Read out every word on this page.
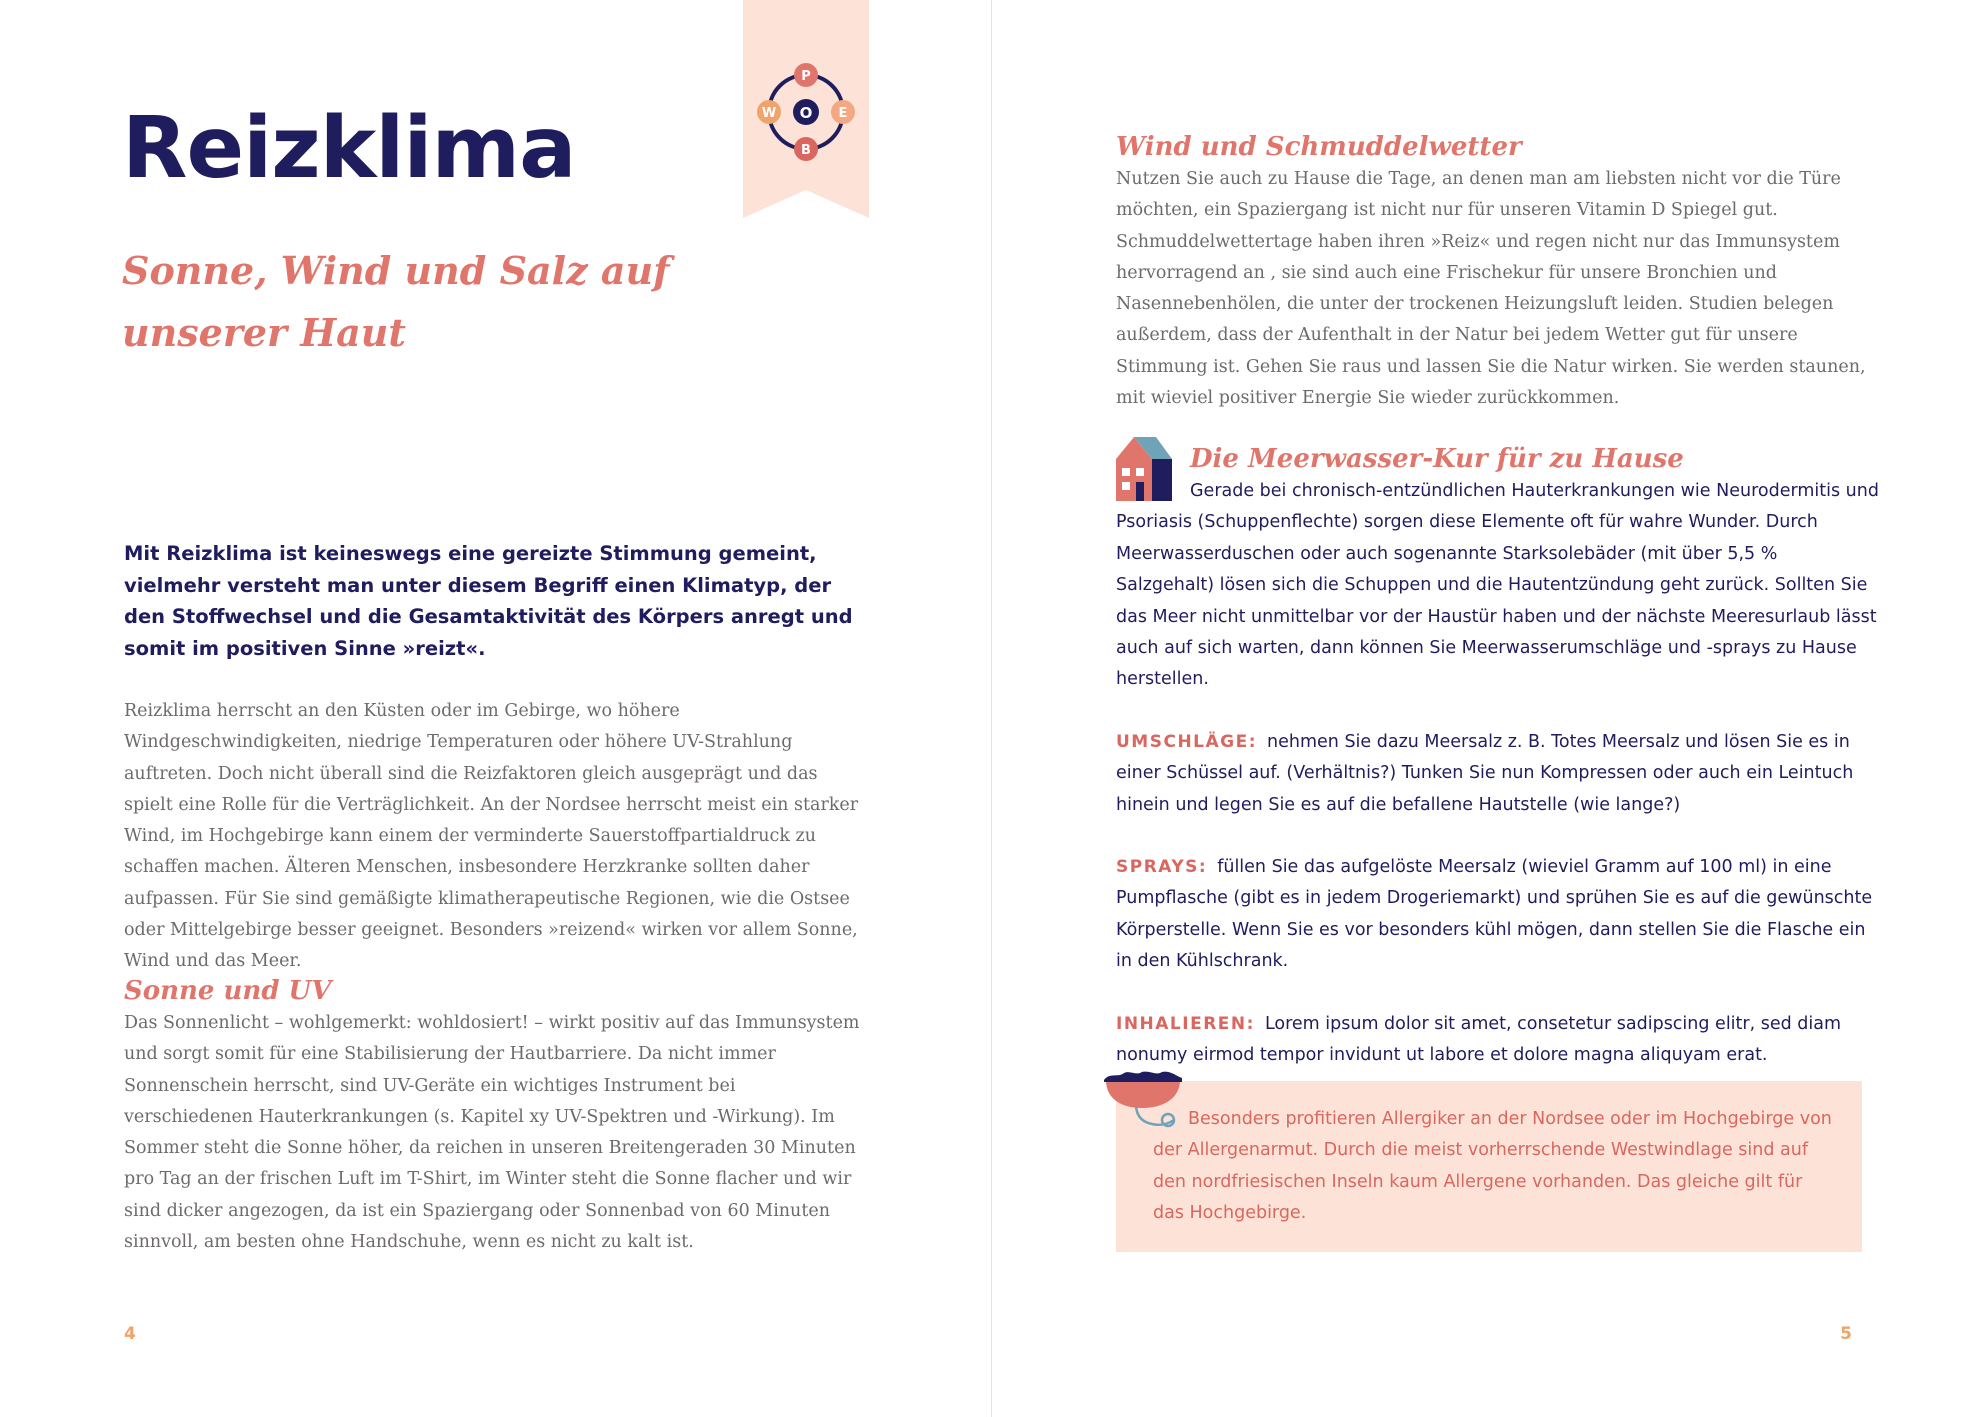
P
W	E
B
O
Reizklima
Sonne, Wind und Salz auf unserer Haut

Mit Reizklima ist keineswegs eine gereizte Stimmung gemeint, vielmehr versteht man unter diesem Begriff einen Klimatyp, der den Stoffwechsel und die Gesamtaktivität des Körpers anregt und somit im positiven Sinne »reizt«.

Reizklima herrscht an den Küsten oder im Gebirge, wo höhere Windgeschwindigkeiten, niedrige Temperaturen oder höhere UV-Strahlung auftreten. Doch nicht überall sind die Reizfaktoren gleich ausgeprägt und das spielt eine Rolle für die Verträglichkeit. An der Nordsee herrscht meist ein starker Wind, im Hochgebirge kann einem der verminderte Sauerstoffpartialdruck zu schaffen machen. Älteren Menschen, insbesondere Herzkranke sollten daher aufpassen. Für Sie sind gemäßigte klimatherapeutische Regionen, wie die Ostsee oder Mittelgebirge besser geeignet. Besonders »reizend« wirken vor allem Sonne, Wind und das Meer.

Sonne und UV

Das Sonnenlicht – wohlgemerkt: wohldosiert! – wirkt positiv auf das Immunsystem und sorgt somit für eine Stabilisierung der Hautbarriere. Da nicht immer Sonnenschein herrscht, sind UV-Geräte ein wichtiges Instrument bei verschiedenen Hauterkrankungen (s. Kapitel xy UV-Spektren und -Wirkung). Im Sommer steht die Sonne höher, da reichen in unseren Breitengeraden 30 Minuten pro Tag an der frischen Luft im T-Shirt, im Winter steht die Sonne flacher und wir sind dicker angezogen, da ist ein Spaziergang oder Sonnenbad von 60 Minuten sinnvoll, am besten ohne Handschuhe, wenn es nicht zu kalt ist.

4	5
Wind und Schmuddelwetter

Nutzen Sie auch zu Hause die Tage, an denen man am liebsten nicht vor die Türe möchten, ein Spaziergang ist nicht nur für unseren Vitamin D Spiegel gut. Schmuddelwettertage haben ihren »Reiz« und regen nicht nur das Immunsystem hervorragend an , sie sind auch eine Frischekur für unsere Bronchien und Nasennebenhölen, die unter der trockenen Heizungsluft leiden. Studien belegen außerdem, dass der Aufenthalt in der Natur bei jedem Wetter gut für unsere Stimmung ist. Gehen Sie raus und lassen Sie die Natur wirken. Sie werden staunen, mit wieviel positiver Energie Sie wieder zurückkommen.

Die Meerwasser-Kur für zu Hause

Gerade bei chronisch-entzündlichen Hauterkrankungen wie Neurodermitis und Psoriasis (Schuppenflechte) sorgen diese Elemente oft für wahre Wunder. Durch Meerwasserduschen oder auch sogenannte Starksolebäder (mit über 5,5 % Salzgehalt) lösen sich die Schuppen und die Hautentzündung geht zurück. Sollten Sie das Meer nicht unmittelbar vor der Haustür haben und der nächste Meeresurlaub lässt auch auf sich warten, dann können Sie Meerwasserumschläge und -sprays zu Hause herstellen.

UMSCHLÄGE: nehmen Sie dazu Meersalz z. B. Totes Meersalz und lösen Sie es in einer Schüssel auf. (Verhältnis?) Tunken Sie nun Kompressen oder auch ein Leintuch hinein und legen Sie es auf die befallene Hautstelle (wie lange?)

SPRAYS: füllen Sie das aufgelöste Meersalz (wieviel Gramm auf 100 ml) in eine Pumpflasche (gibt es in jedem Drogeriemarkt) und sprühen Sie es auf die gewünschte Körperstelle. Wenn Sie es vor besonders kühl mögen, dann stellen Sie die Flasche ein in den Kühlschrank.

INHALIEREN: Lorem ipsum dolor sit amet, consetetur sadipscing elitr, sed diam nonumy eirmod tempor invidunt ut labore et dolore magna aliquyam erat.

Besonders profitieren Allergiker an der Nordsee oder im Hochgebirge von der Allergenarmut. Durch die meist vorherrschende Westwindlage sind auf den nordfriesischen Inseln kaum Allergene vorhanden. Das gleiche gilt für das Hochgebirge.
